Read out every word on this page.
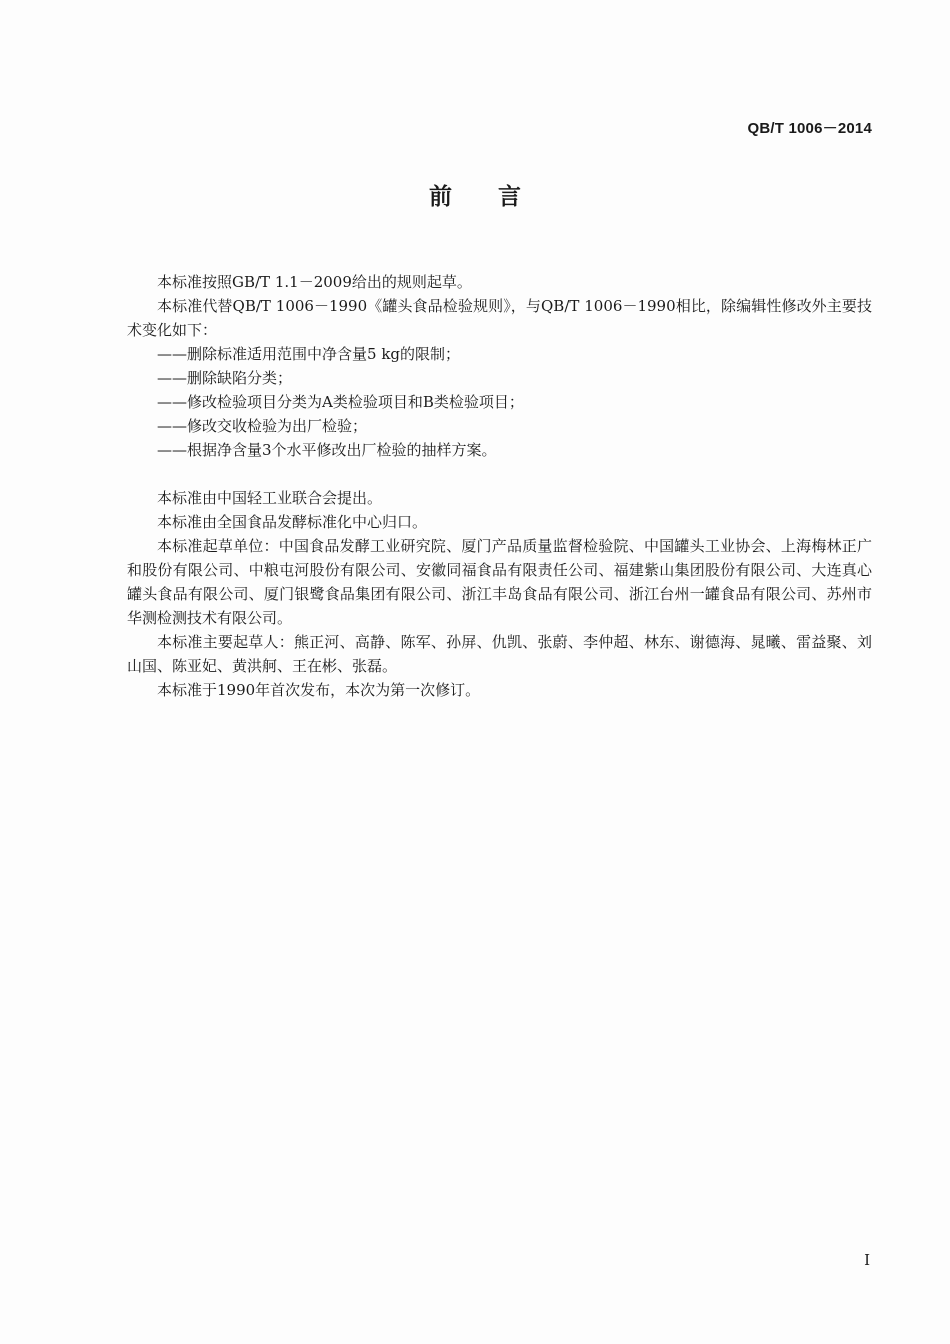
QB/T 1006－2014
前 言

本标准按照GB/T 1.1－2009给出的规则起草。

本标准代替QB/T 1006－1990《罐头食品检验规则》，与QB/T 1006－1990相比，除编辑性修改外主要技术变化如下：

——删除标准适用范围中净含量5 kg的限制；

——删除缺陷分类；

——修改检验项目分类为A类检验项目和B类检验项目；

——修改交收检验为出厂检验；

——根据净含量3个水平修改出厂检验的抽样方案。

本标准由中国轻工业联合会提出。

本标准由全国食品发酵标准化中心归口。

本标准起草单位：中国食品发酵工业研究院、厦门产品质量监督检验院、中国罐头工业协会、上海梅林正广和股份有限公司、中粮屯河股份有限公司、安徽同福食品有限责任公司、福建紫山集团股份有限公司、大连真心罐头食品有限公司、厦门银鹭食品集团有限公司、浙江丰岛食品有限公司、浙江台州一罐食品有限公司、苏州市华测检测技术有限公司。

本标准主要起草人：熊正河、高静、陈军、孙屏、仇凯、张蔚、李仲超、林东、谢德海、晁曦、雷益聚、刘山国、陈亚妃、黄洪舸、王在彬、张磊。

本标准于1990年首次发布，本次为第一次修订。

I
